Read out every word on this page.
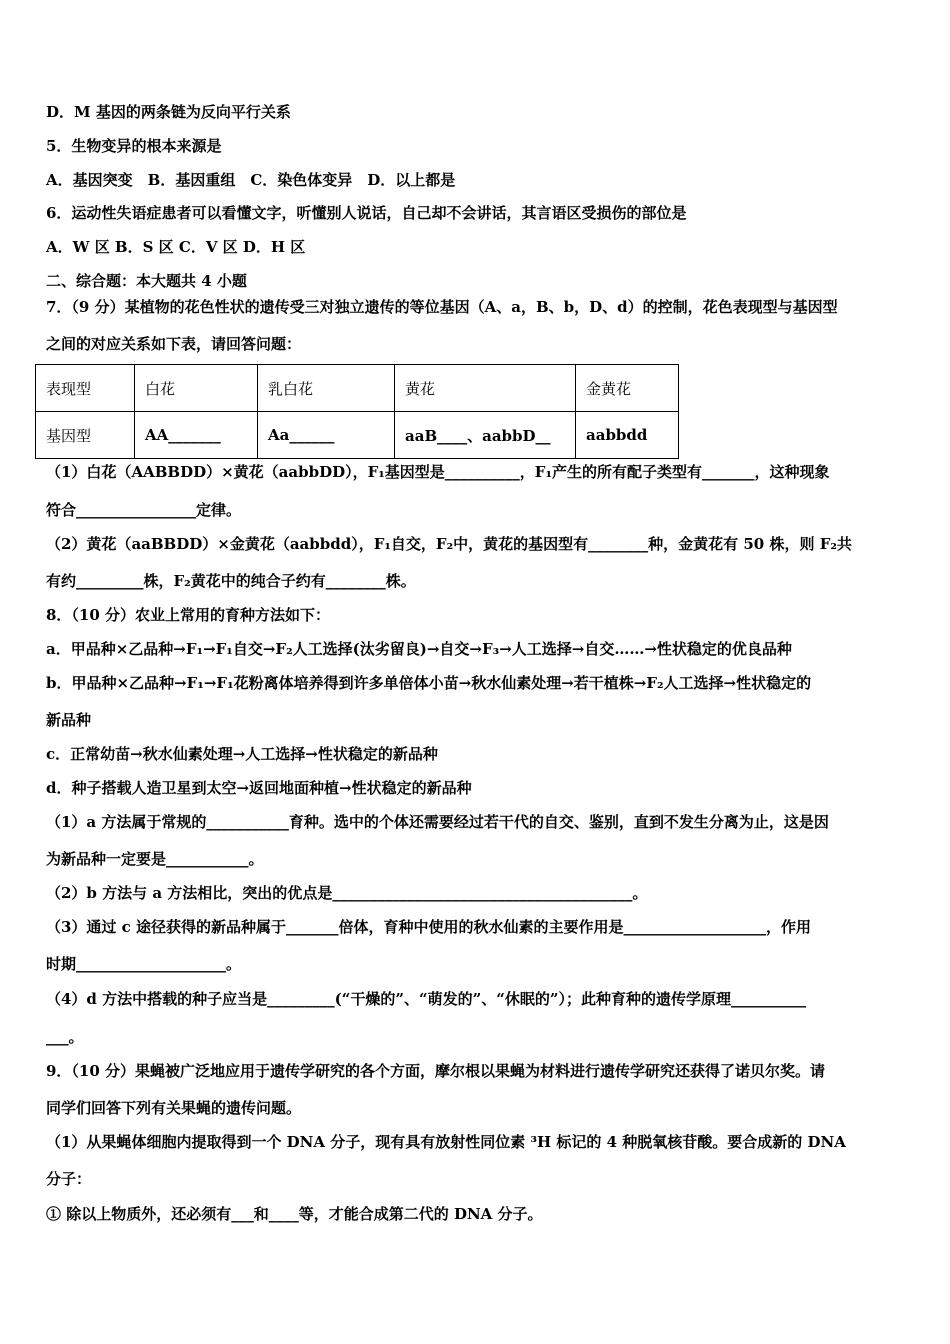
D．M 基因的两条链为反向平行关系
5．生物变异的根本来源是
A．基因突变　B．基因重组　C．染色体变异　D．以上都是
6．运动性失语症患者可以看懂文字，听懂别人说话，自己却不会讲话，其言语区受损伤的部位是
A．W 区 B．S 区 C．V 区 D．H 区
二、综合题：本大题共 4 小题
7．（9 分）某植物的花色性状的遗传受三对独立遗传的等位基因（A、a，B、b，D、d）的控制，花色表现型与基因型
之间的对应关系如下表，请回答问题：
表现型	白花	乳白花	黄花	金黄花
基因型	AA_______	Aa______	aaB____、aabbD__	aabbdd
（1）白花（AABBDD）×黄花（aabbDD），F₁基因型是__________，F₁产生的所有配子类型有_______，这种现象
符合________________定律。
（2）黄花（aaBBDD）×金黄花（aabbdd），F₁自交，F₂中，黄花的基因型有________种，金黄花有 50 株，则 F₂共
有约_________株，F₂黄花中的纯合子约有________株。
8．（10 分）农业上常用的育种方法如下：
a．甲品种×乙品种→F₁→F₁自交→F₂人工选择(汰劣留良)→自交→F₃→人工选择→自交……→性状稳定的优良品种
b．甲品种×乙品种→F₁→F₁花粉离体培养得到许多单倍体小苗→秋水仙素处理→若干植株→F₂人工选择→性状稳定的
新品种
c．正常幼苗→秋水仙素处理→人工选择→性状稳定的新品种
d．种子搭载人造卫星到太空→返回地面种植→性状稳定的新品种
（1）a 方法属于常规的___________育种。选中的个体还需要经过若干代的自交、鉴别，直到不发生分离为止，这是因
为新品种一定要是___________。
（2）b 方法与 a 方法相比，突出的优点是________________________________________。
（3）通过 c 途径获得的新品种属于_______倍体，育种中使用的秋水仙素的主要作用是___________________，作用
时期____________________。
（4）d 方法中搭载的种子应当是_________(“干燥的”、“萌发的”、“休眠的”）；此种育种的遗传学原理__________
___。
9．（10 分）果蝇被广泛地应用于遗传学研究的各个方面，摩尔根以果蝇为材料进行遗传学研究还获得了诺贝尔奖。请
同学们回答下列有关果蝇的遗传问题。
（1）从果蝇体细胞内提取得到一个 DNA 分子，现有具有放射性同位素 ³H 标记的 4 种脱氧核苷酸。要合成新的 DNA
分子：
① 除以上物质外，还必须有___和____等，才能合成第二代的 DNA 分子。
